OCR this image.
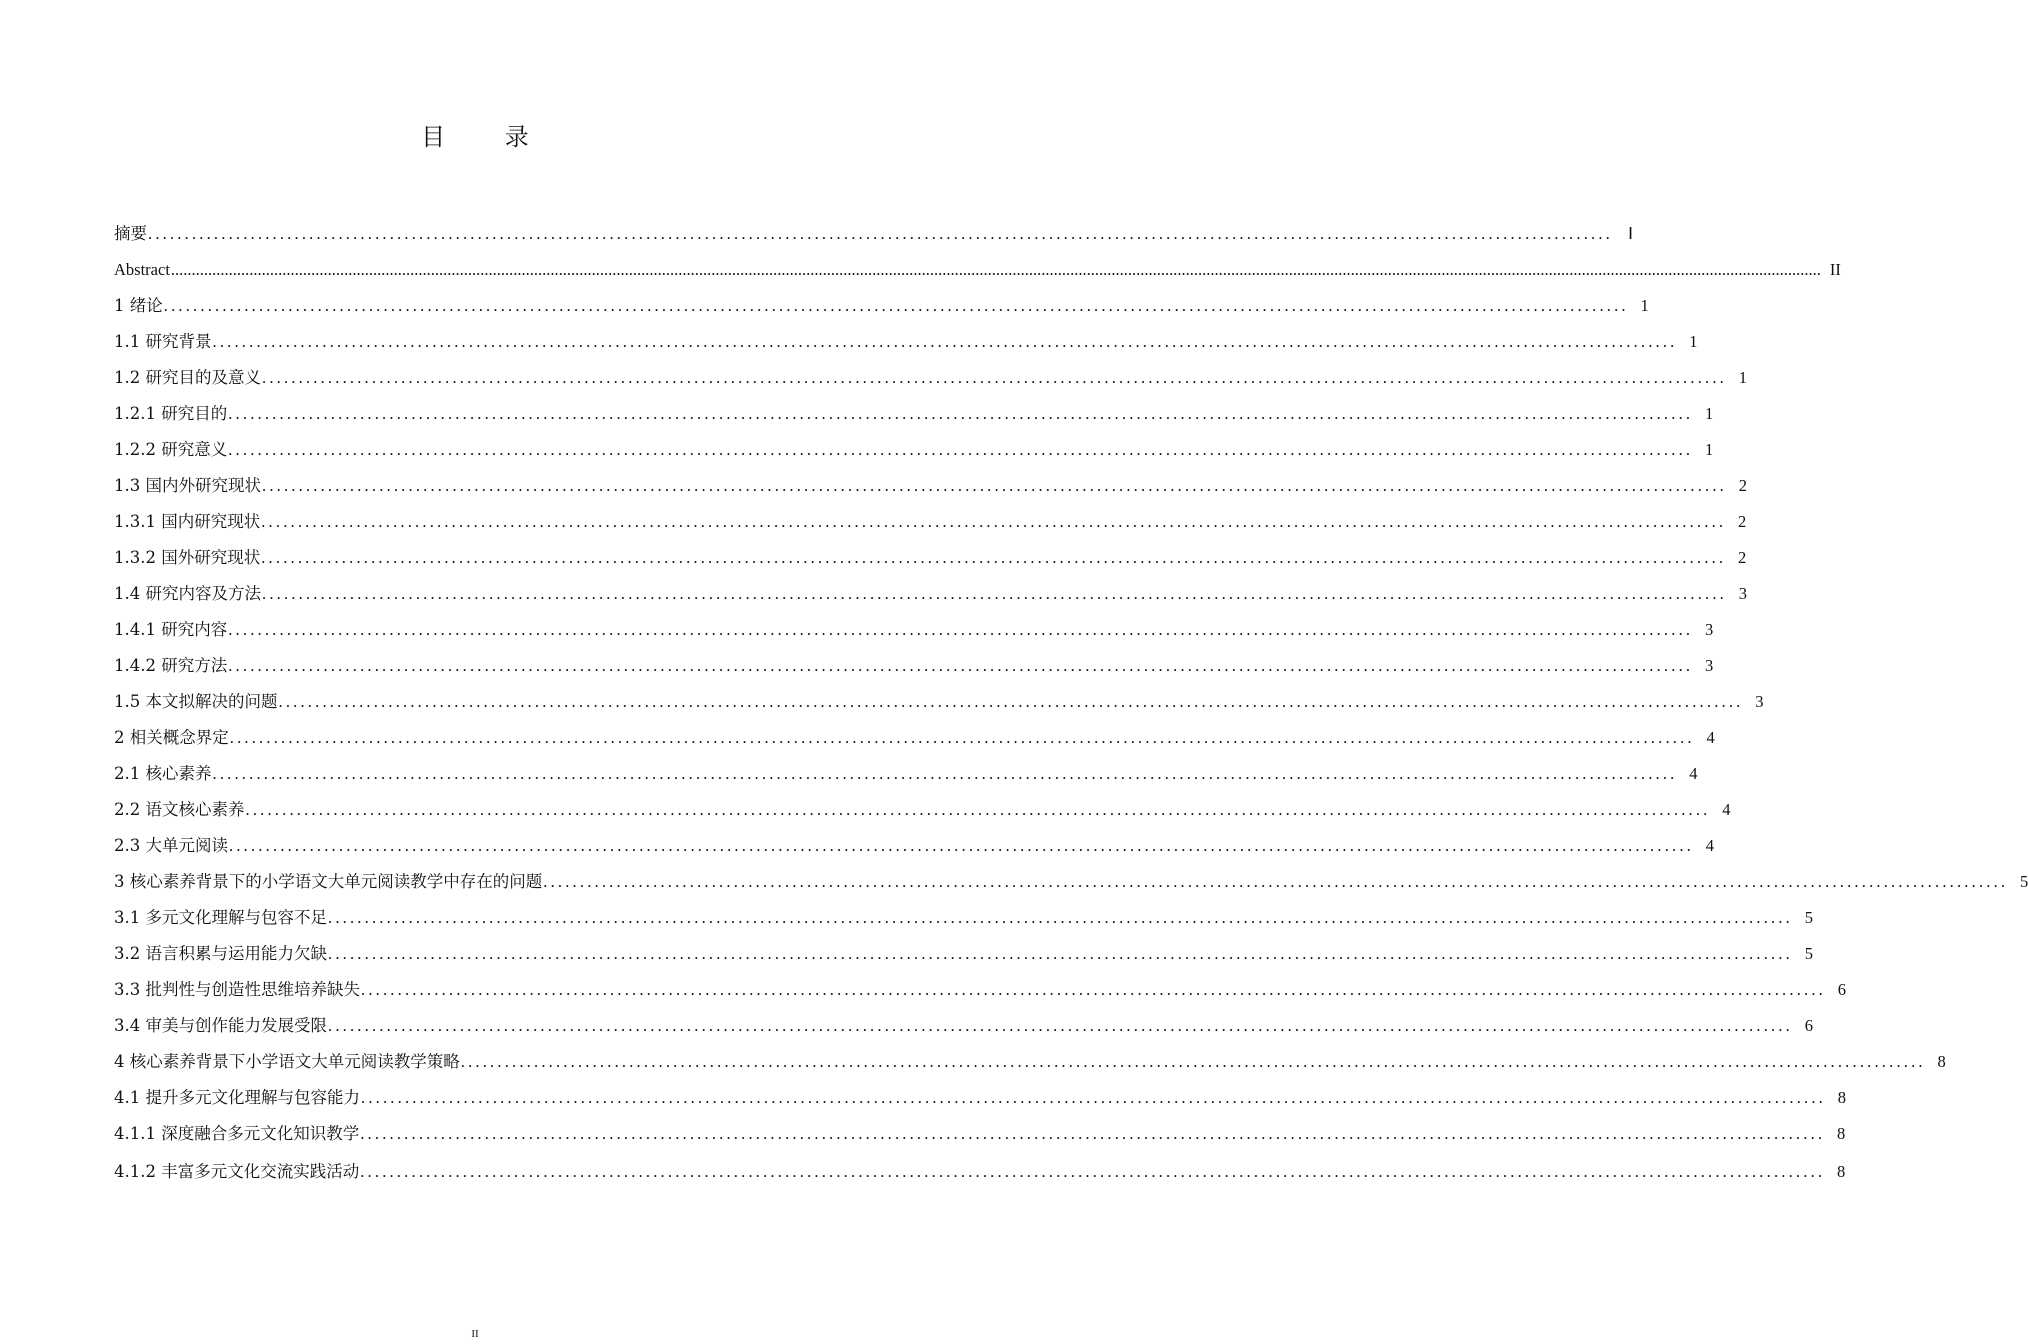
目 录
摘要 ........................................................................................................................................................................................................ Ⅰ
Abstract ................................................................................................................................................................................................................................................................................................................................................................................................................ II
1 绪论 ........................................................................................................................................................................................................ 1
1.1 研究背景 ........................................................................................................................................................................................................ 1
1.2 研究目的及意义 ........................................................................................................................................................................................................ 1
1.2.1 研究目的 ........................................................................................................................................................................................................ 1
1.2.2 研究意义 ........................................................................................................................................................................................................ 1
1.3 国内外研究现状 ........................................................................................................................................................................................................ 2
1.3.1 国内研究现状 ........................................................................................................................................................................................................ 2
1.3.2 国外研究现状 ........................................................................................................................................................................................................ 2
1.4 研究内容及方法 ........................................................................................................................................................................................................ 3
1.4.1 研究内容 ........................................................................................................................................................................................................ 3
1.4.2 研究方法 ........................................................................................................................................................................................................ 3
1.5 本文拟解决的问题 ........................................................................................................................................................................................................ 3
2 相关概念界定 ........................................................................................................................................................................................................ 4
2.1 核心素养 ........................................................................................................................................................................................................ 4
2.2 语文核心素养 ........................................................................................................................................................................................................ 4
2.3 大单元阅读 ........................................................................................................................................................................................................ 4
3 核心素养背景下的小学语文大单元阅读教学中存在的问题 ........................................................................................................................................................................................................ 5
3.1 多元文化理解与包容不足 ........................................................................................................................................................................................................ 5
3.2 语言积累与运用能力欠缺 ........................................................................................................................................................................................................ 5
3.3 批判性与创造性思维培养缺失 ........................................................................................................................................................................................................ 6
3.4 审美与创作能力发展受限 ........................................................................................................................................................................................................ 6
4 核心素养背景下小学语文大单元阅读教学策略 ........................................................................................................................................................................................................ 8
4.1 提升多元文化理解与包容能力 ........................................................................................................................................................................................................ 8
4.1.1 深度融合多元文化知识教学 ........................................................................................................................................................................................................ 8
4.1.2 丰富多元文化交流实践活动 ........................................................................................................................................................................................................ 8
II
